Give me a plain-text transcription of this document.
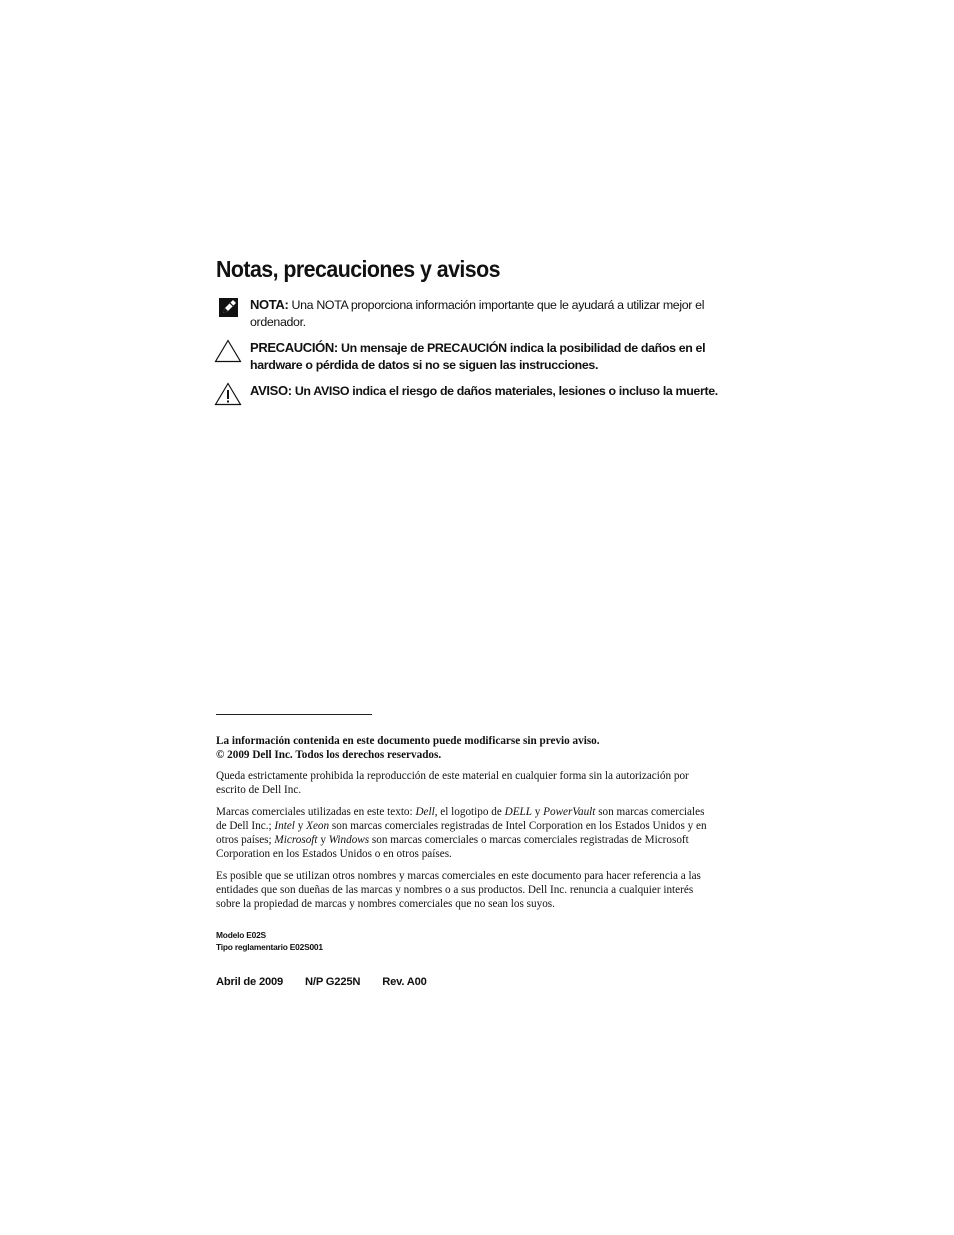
Notas, precauciones y avisos
NOTA: Una NOTA proporciona información importante que le ayudará a utilizar mejor el ordenador.
PRECAUCIÓN: Un mensaje de PRECAUCIÓN indica la posibilidad de daños en el hardware o pérdida de datos si no se siguen las instrucciones.
AVISO: Un AVISO indica el riesgo de daños materiales, lesiones o incluso la muerte.

La información contenida en este documento puede modificarse sin previo aviso.

© 2009 Dell Inc. Todos los derechos reservados.

Queda estrictamente prohibida la reproducción de este material en cualquier forma sin la autorización por escrito de Dell Inc.

Marcas comerciales utilizadas en este texto: Dell, el logotipo de DELL y PowerVault son marcas comerciales de Dell Inc.; Intel y Xeon son marcas comerciales registradas de Intel Corporation en los Estados Unidos y en otros países; Microsoft y Windows son marcas comerciales o marcas comerciales registradas de Microsoft Corporation en los Estados Unidos o en otros países.

Es posible que se utilizan otros nombres y marcas comerciales en este documento para hacer referencia a las entidades que son dueñas de las marcas y nombres o a sus productos. Dell Inc. renuncia a cualquier interés sobre la propiedad de marcas y nombres comerciales que no sean los suyos.

Modelo E02S
Tipo reglamentario E02S001
Abril de 2009 N/P G225N Rev. A00
